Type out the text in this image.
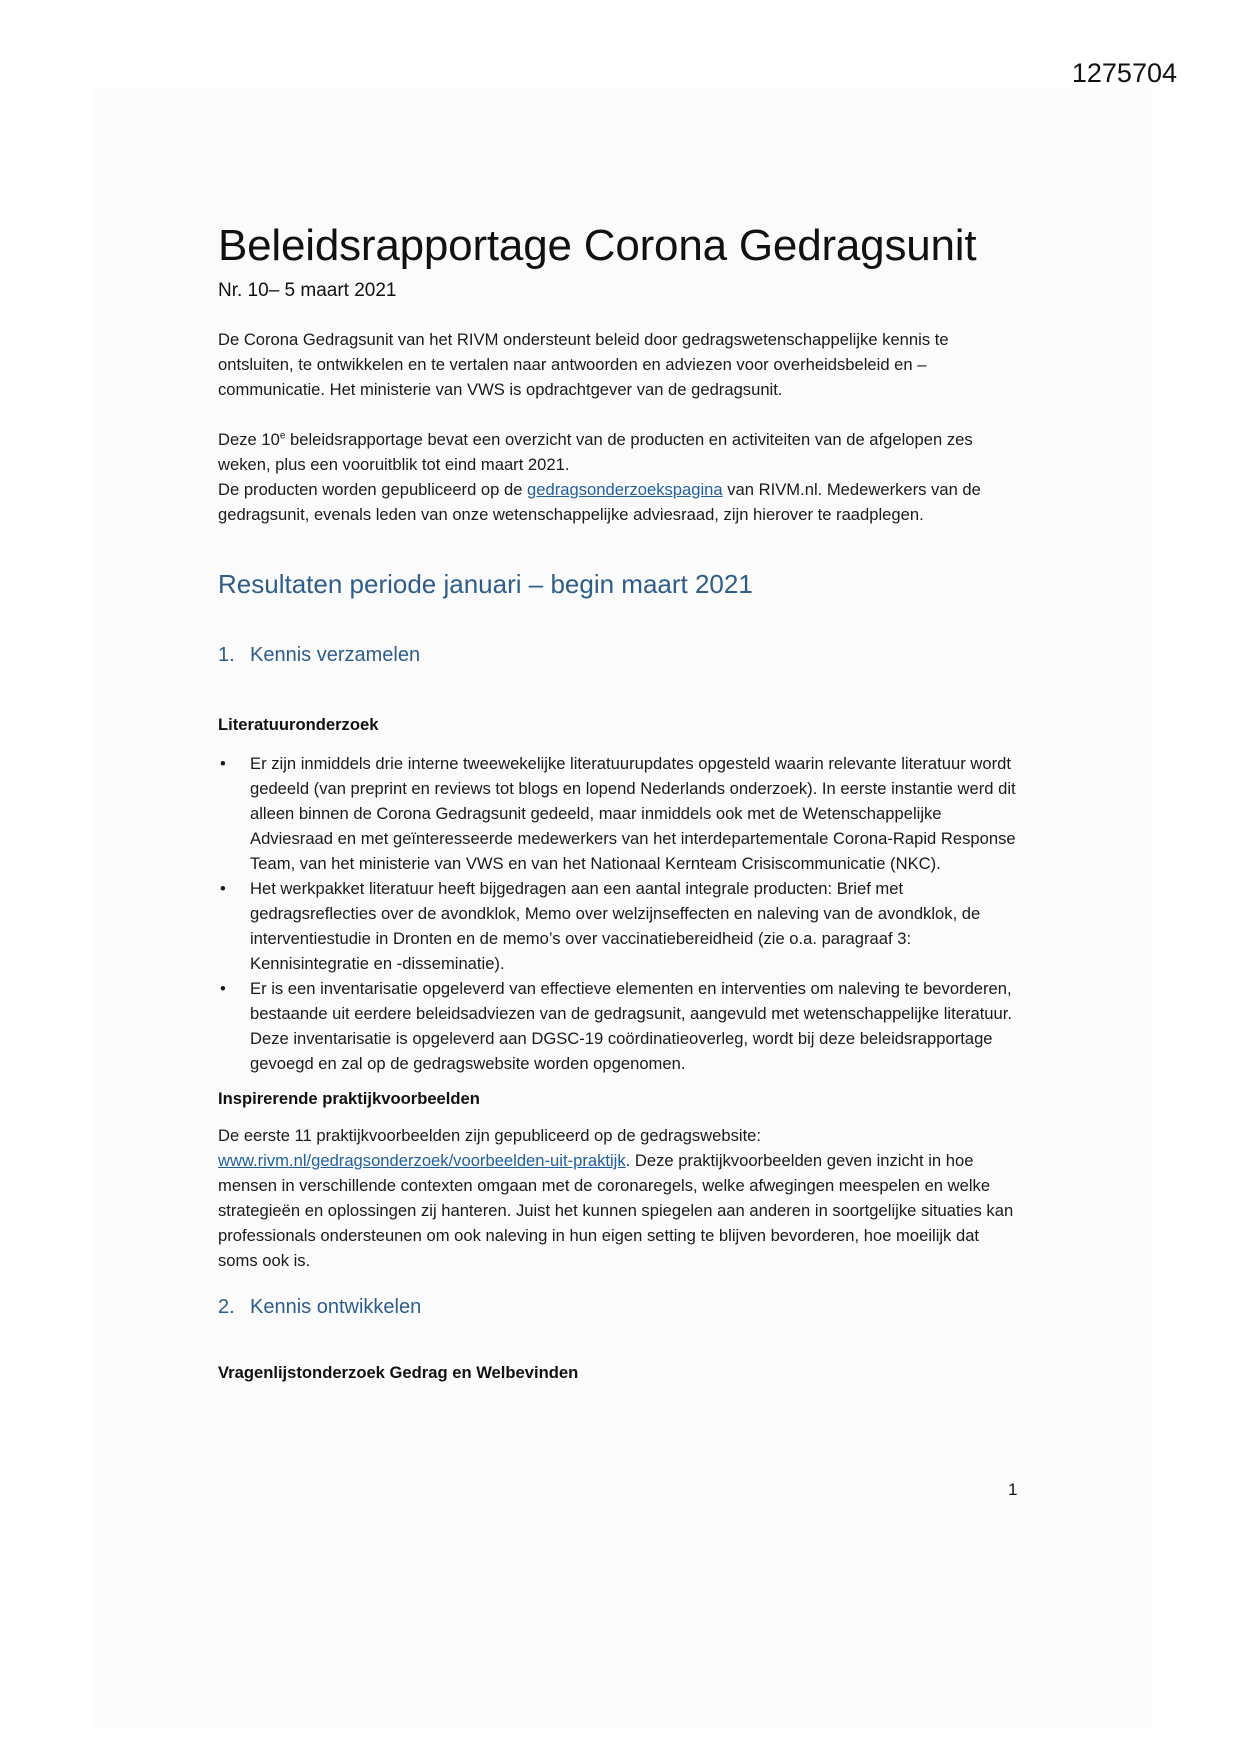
1275704
Beleidsrapportage Corona Gedragsunit
Nr. 10– 5 maart 2021

De Corona Gedragsunit van het RIVM ondersteunt beleid door gedragswetenschappelijke kennis te ontsluiten, te ontwikkelen en te vertalen naar antwoorden en adviezen voor overheidsbeleid en – communicatie. Het ministerie van VWS is opdrachtgever van de gedragsunit.

Deze 10e beleidsrapportage bevat een overzicht van de producten en activiteiten van de afgelopen zes weken, plus een vooruitblik tot eind maart 2021.

De producten worden gepubliceerd op de gedragsonderzoekspagina van RIVM.nl. Medewerkers van de gedragsunit, evenals leden van onze wetenschappelijke adviesraad, zijn hierover te raadplegen.

Resultaten periode januari – begin maart 2021
1. Kennis verzamelen
Literatuuronderzoek
• Er zijn inmiddels drie interne tweewekelijke literatuurupdates opgesteld waarin relevante literatuur wordt gedeeld (van preprint en reviews tot blogs en lopend Nederlands onderzoek). In eerste instantie werd dit alleen binnen de Corona Gedragsunit gedeeld, maar inmiddels ook met de Wetenschappelijke Adviesraad en met geïnteresseerde medewerkers van het interdepartementale Corona-Rapid Response Team, van het ministerie van VWS en van het Nationaal Kernteam Crisiscommunicatie (NKC).
• Het werkpakket literatuur heeft bijgedragen aan een aantal integrale producten: Brief met gedragsreflecties over de avondklok, Memo over welzijnseffecten en naleving van de avondklok, de interventiestudie in Dronten en de memo’s over vaccinatiebereidheid (zie o.a. paragraaf 3: Kennisintegratie en -disseminatie).
• Er is een inventarisatie opgeleverd van effectieve elementen en interventies om naleving te bevorderen, bestaande uit eerdere beleidsadviezen van de gedragsunit, aangevuld met wetenschappelijke literatuur. Deze inventarisatie is opgeleverd aan DGSC-19 coördinatieoverleg, wordt bij deze beleidsrapportage gevoegd en zal op de gedragswebsite worden opgenomen.
Inspirerende praktijkvoorbeelden

De eerste 11 praktijkvoorbeelden zijn gepubliceerd op de gedragswebsite: www.rivm.nl/gedragsonderzoek/voorbeelden-uit-praktijk. Deze praktijkvoorbeelden geven inzicht in hoe mensen in verschillende contexten omgaan met de coronaregels, welke afwegingen meespelen en welke strategieën en oplossingen zij hanteren. Juist het kunnen spiegelen aan anderen in soortgelijke situaties kan professionals ondersteunen om ook naleving in hun eigen setting te blijven bevorderen, hoe moeilijk dat soms ook is.

2. Kennis ontwikkelen
Vragenlijstonderzoek Gedrag en Welbevinden
1
